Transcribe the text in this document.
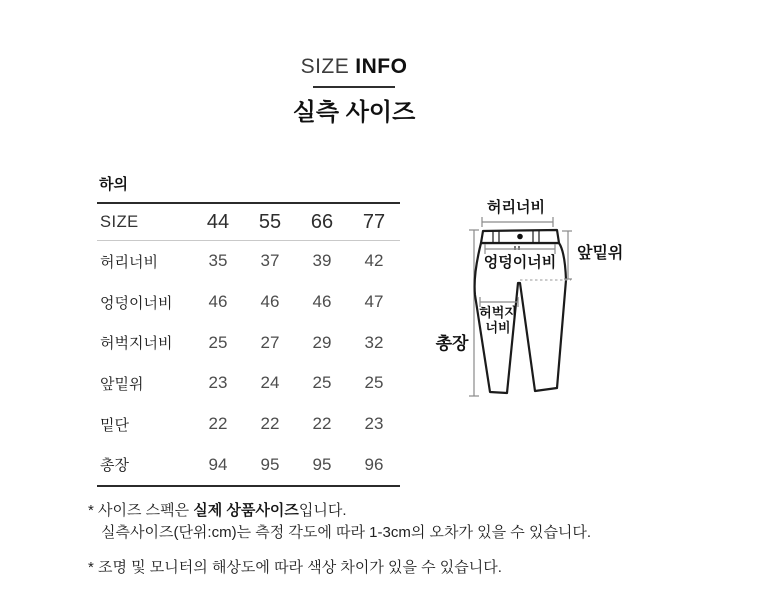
SIZE INFO
실측 사이즈
하의
SIZE	44	55	66	77
허리너비	35	37	39	42
엉덩이너비	46	46	46	47
허벅지너비	25	27	29	32
앞밑위	23	24	25	25
밑단	22	22	22	23
총장	94	95	95	96
허리너비
총장
엉덩이너비
앞밑위
허벅지
너비
* 사이즈 스펙은 실제 상품사이즈입니다.
실측사이즈(단위:cm)는 측정 각도에 따라 1-3cm의 오차가 있을 수 있습니다.
* 조명 및 모니터의 해상도에 따라 색상 차이가 있을 수 있습니다.
